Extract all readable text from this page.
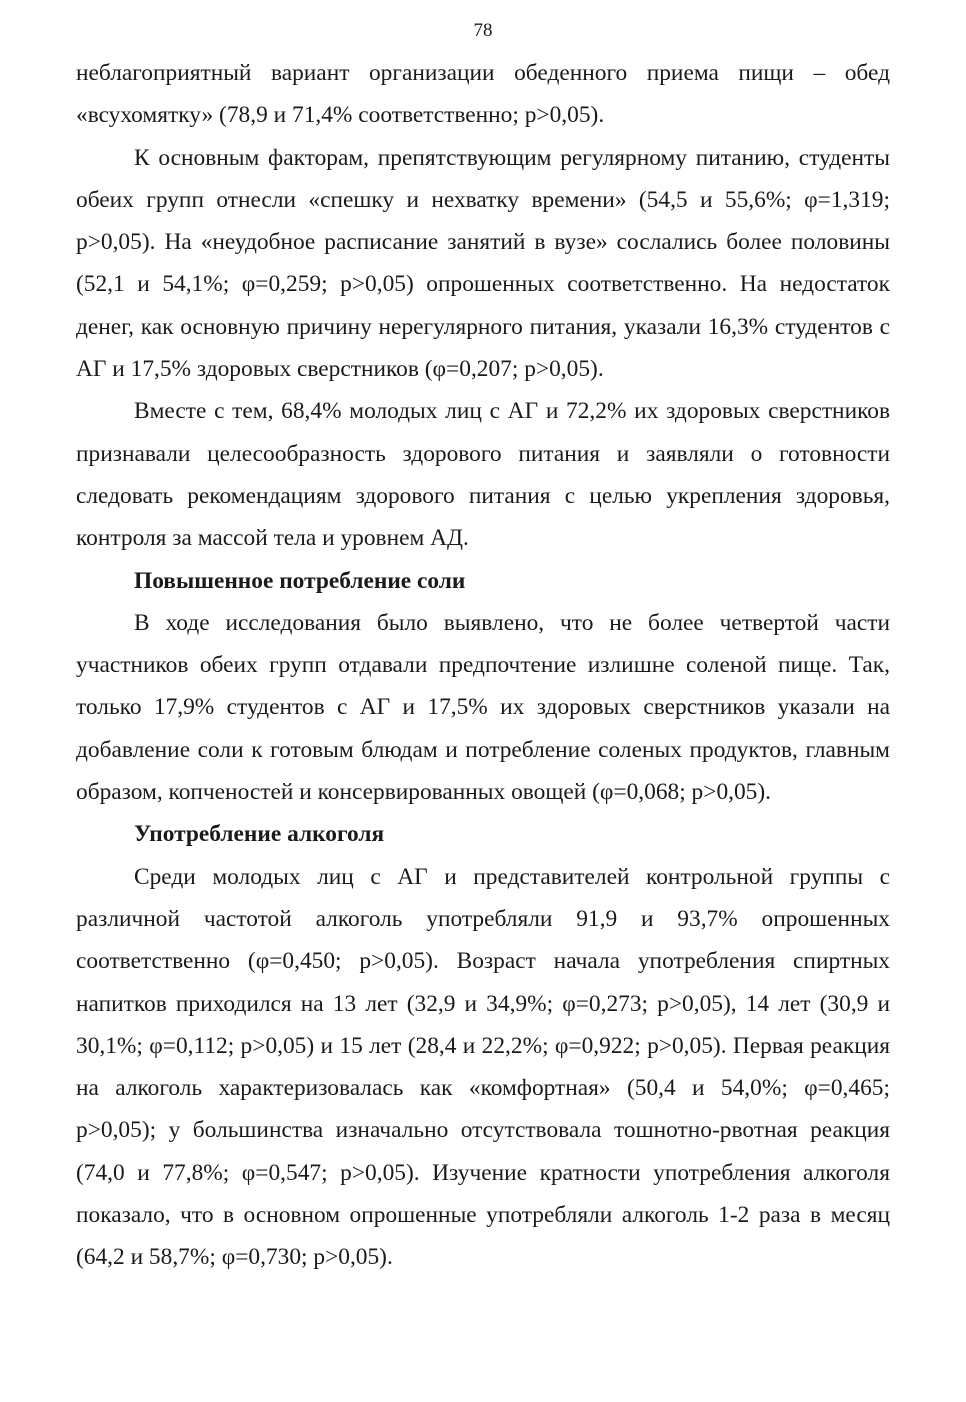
78

неблагоприятный вариант организации обеденного приема пищи – обед «всухомятку» (78,9 и 71,4% соответственно; p>0,05).

К основным факторам, препятствующим регулярному питанию, студенты обеих групп отнесли «спешку и нехватку времени» (54,5 и 55,6%; φ=1,319; p>0,05). На «неудобное расписание занятий в вузе» сослались более половины (52,1 и 54,1%; φ=0,259; p>0,05) опрошенных соответственно. На недостаток денег, как основную причину нерегулярного питания, указали 16,3% студентов с АГ и 17,5% здоровых сверстников (φ=0,207; p>0,05).

Вместе с тем, 68,4% молодых лиц с АГ и 72,2% их здоровых сверстников признавали целесообразность здорового питания и заявляли о готовности следовать рекомендациям здорового питания с целью укрепления здоровья, контроля за массой тела и уровнем АД.

Повышенное потребление соли

В ходе исследования было выявлено, что не более четвертой части участников обеих групп отдавали предпочтение излишне соленой пище. Так, только 17,9% студентов с АГ и 17,5% их здоровых сверстников указали на добавление соли к готовым блюдам и потребление соленых продуктов, главным образом, копченостей и консервированных овощей (φ=0,068; p>0,05).

Употребление алкоголя

Среди молодых лиц с АГ и представителей контрольной группы с различной частотой алкоголь употребляли 91,9 и 93,7% опрошенных соответственно (φ=0,450; p>0,05). Возраст начала употребления спиртных напитков приходился на 13 лет (32,9 и 34,9%; φ=0,273; p>0,05), 14 лет (30,9 и 30,1%; φ=0,112; p>0,05) и 15 лет (28,4 и 22,2%; φ=0,922; p>0,05). Первая реакция на алкоголь характеризовалась как «комфортная» (50,4 и 54,0%; φ=0,465; p>0,05); у большинства изначально отсутствовала тошнотно-рвотная реакция (74,0 и 77,8%; φ=0,547; p>0,05). Изучение кратности употребления алкоголя показало, что в основном опрошенные употребляли алкоголь 1-2 раза в месяц (64,2 и 58,7%; φ=0,730; p>0,05).
